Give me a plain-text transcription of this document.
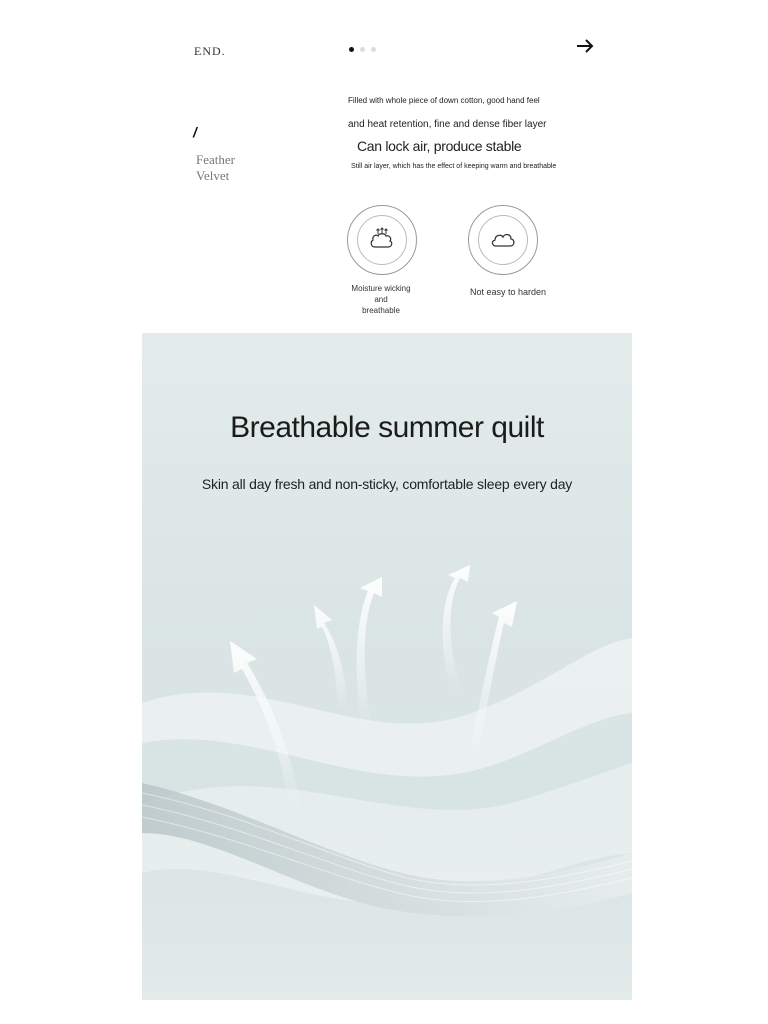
END.
/
Feather
Velvet
Filled with whole piece of down cotton, good hand feel
and heat retention, fine and dense fiber layer
Can lock air, produce stable
Still air layer, which has the effect of keeping warm and breathable
Moisture wicking and
breathable
Not easy to harden
Breathable summer quilt
Skin all day fresh and non-sticky, comfortable sleep every day
